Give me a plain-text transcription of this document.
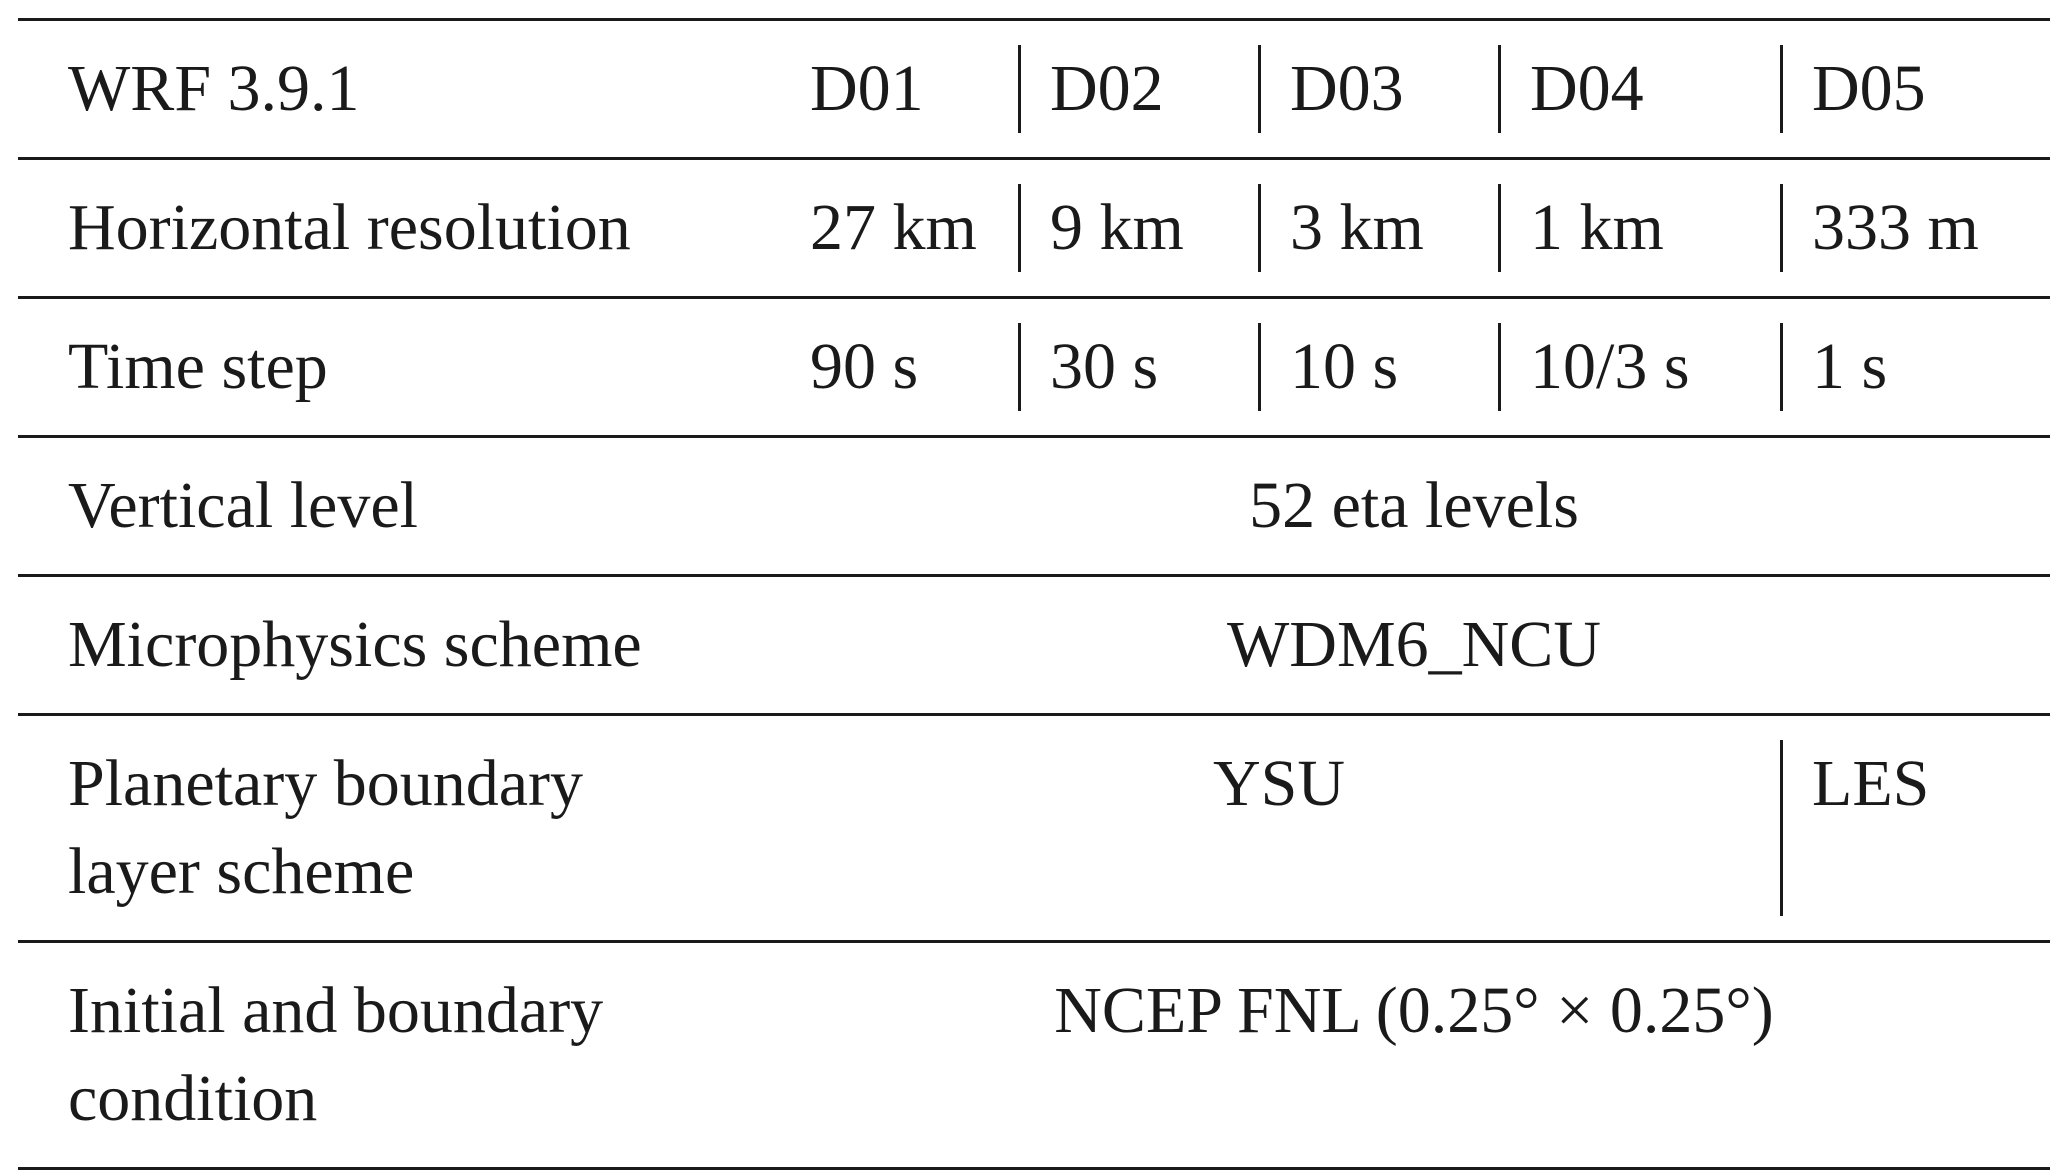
WRF 3.9.1	D01	D02	D03	D04	D05

Horizontal resolution	27 km	9 km	3 km	1 km	333 m

Time step	90 s	30 s	10 s	10/3 s	1 s

Vertical level	52 eta levels				

Microphysics scheme	WDM6_NCU				

Planetary boundary
layer scheme	YSU				LES

Initial and boundary
condition	NCEP FNL (0.25° × 0.25°)				
